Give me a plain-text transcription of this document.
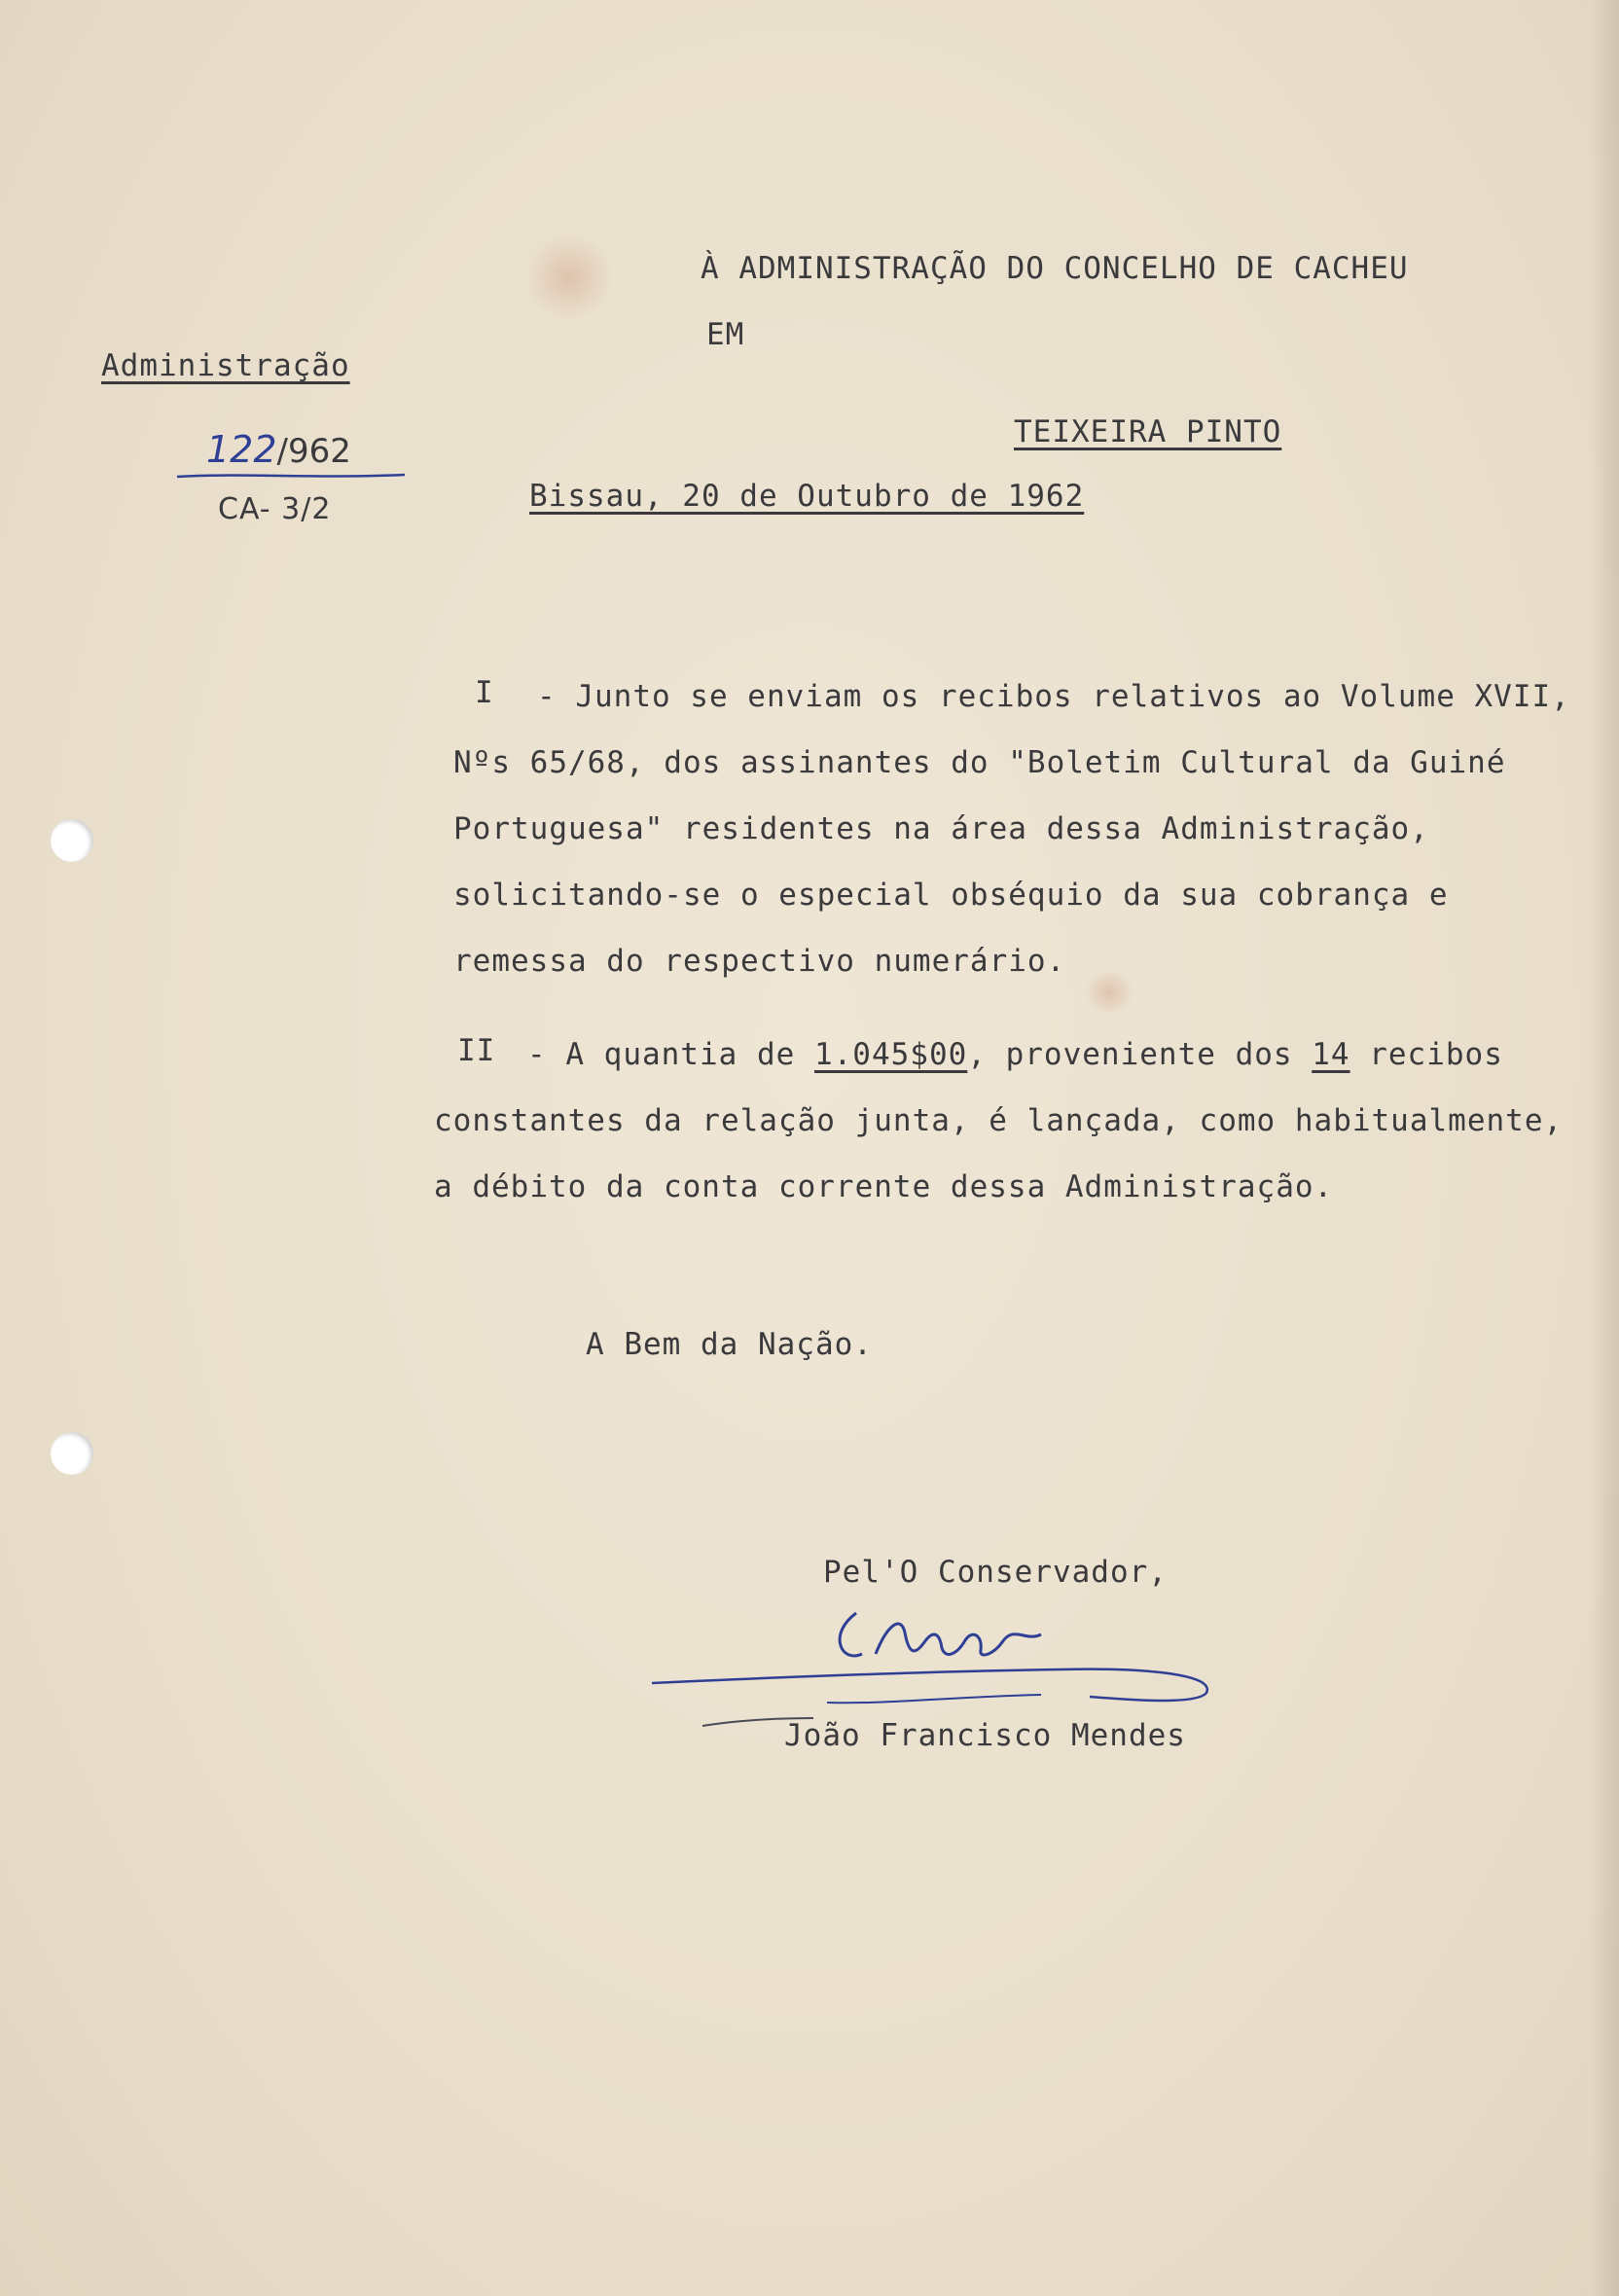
À ADMINISTRAÇÃO DO CONCELHO DE CACHEU
EM
TEIXEIRA PINTO
Administração
122/962
CA- 3/2	Bissau, 20 de Outubro de 1962
I	- Junto se enviam os recibos relativos ao Volume XVII, Nºs 65/68, dos assinantes do "Boletim Cultural da Guiné Portuguesa" residentes na área dessa Administração, solicitando-se o especial obséquio da sua cobrança e remessa do respectivo numerário.
II	- A quantia de 1.045$00, proveniente dos 14 recibos constantes da relação junta, é lançada, como habitualmente, a débito da conta corrente dessa Administração.
A Bem da Nação.
Pel'O Conservador,
João Francisco Mendes
